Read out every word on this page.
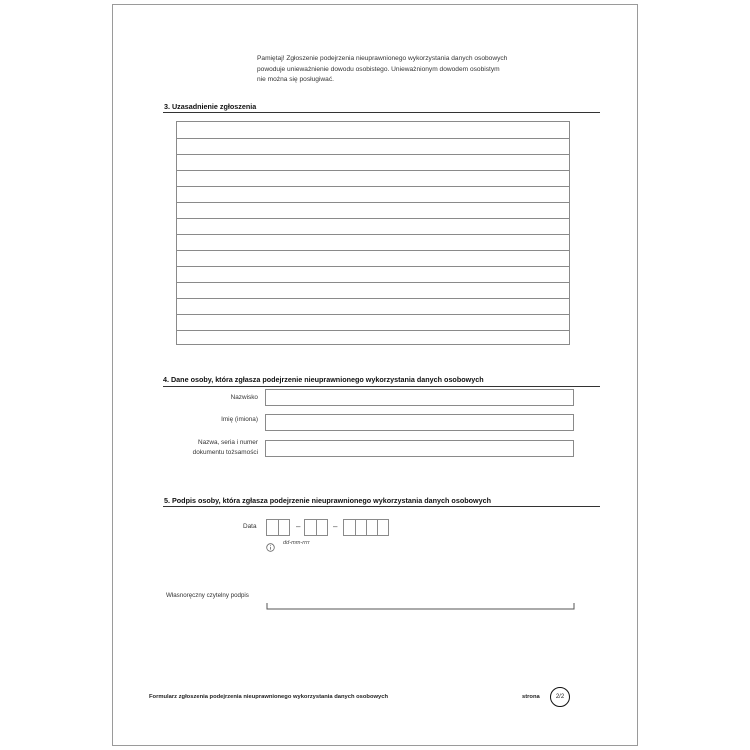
Pamiętaj! Zgłoszenie podejrzenia nieuprawnionego wykorzystania danych osobowych
powoduje unieważnienie dowodu osobistego. Unieważnionym dowodem osobistym
nie można się posługiwać.
3. Uzasadnienie zgłoszenia
4. Dane osoby, która zgłasza podejrzenie nieuprawnionego wykorzystania danych osobowych
Nazwisko
Imię (imiona)
Nazwa, seria i numer
dokumentu tożsamości
5. Podpis osoby, która zgłasza podejrzenie nieuprawnionego wykorzystania danych osobowych
Data	–	–
dd-mm-rrrr
Własnoręczny czytelny podpis
Formularz zgłoszenia podejrzenia nieuprawnionego wykorzystania danych osobowych	strona	2/2
